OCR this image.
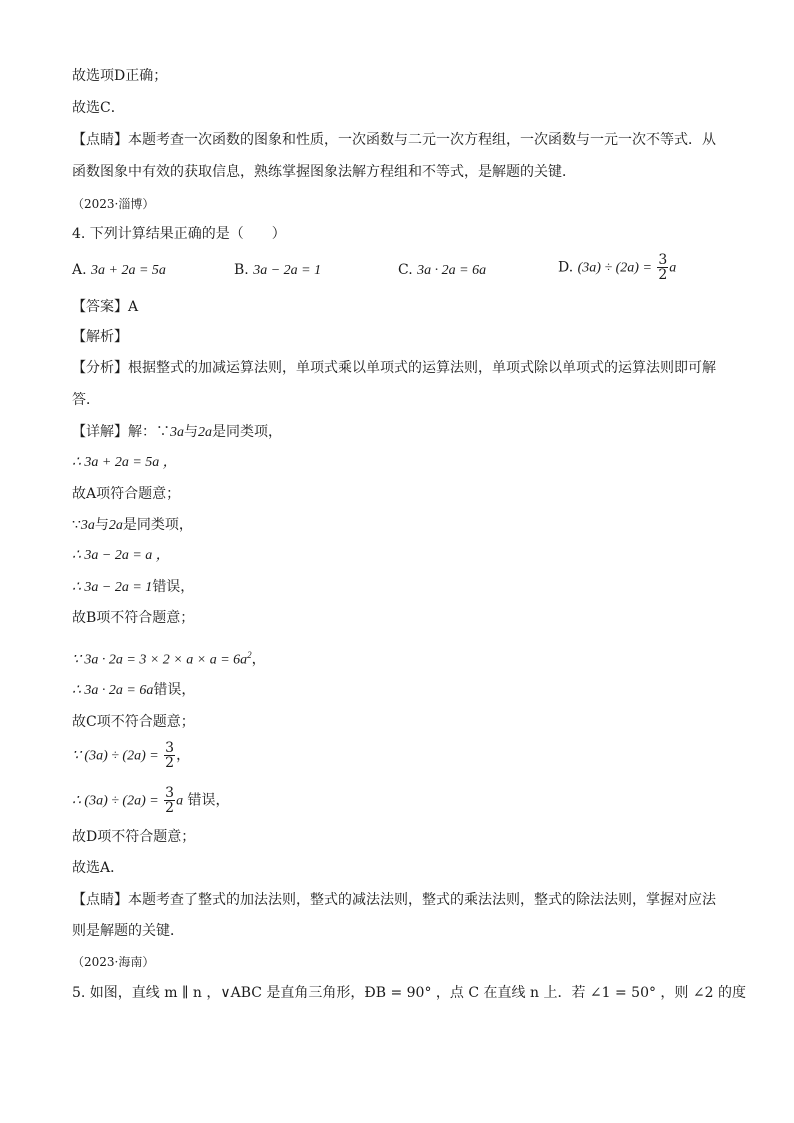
故选项D正确；
故选C．
【点睛】本题考查一次函数的图象和性质，一次函数与二元一次方程组，一次函数与一元一次不等式．从
函数图象中有效的获取信息，熟练掌握图象法解方程组和不等式，是解题的关键．
（2023·淄博）
4. 下列计算结果正确的是（　　）
A. 3a + 2a = 5a	B. 3a − 2a = 1	C. 3a · 2a = 6a	D. $(3a) \div (2a) = \frac{3}{2}$ a
【答案】A
【解析】
【分析】根据整式的加减运算法则，单项式乘以单项式的运算法则，单项式除以单项式的运算法则即可解
答．
【详解】解：∵3a与2a是同类项，
∴ 3a + 2a = 5a ，
故A项符合题意；
∵3a与2a是同类项，
∴ 3a − 2a = a ，
∴ 3a − 2a = 1错误，
故B项不符合题意；
∵ $3a \cdot 2a = 3 \times 2 \times a \times a = 6a^2$，
∴ 3a · 2a = 6a错误，
故C项不符合题意；
∵ $(3a) \div (2a) = \frac{3}{2}$ ，
∴ $(3a) \div (2a) = \frac{3}{2}$ a 错误，
故D项不符合题意；
故选A．
【点睛】本题考查了整式的加法法则，整式的减法法则，整式的乘法法则，整式的除法法则，掌握对应法
则是解题的关键．
（2023·海南）
5. 如图，直线 m ∥ n ，∨ABC 是直角三角形，ÐB = 90° ，点 C 在直线 n 上．若 ∠1 = 50° ，则 ∠2 的度
